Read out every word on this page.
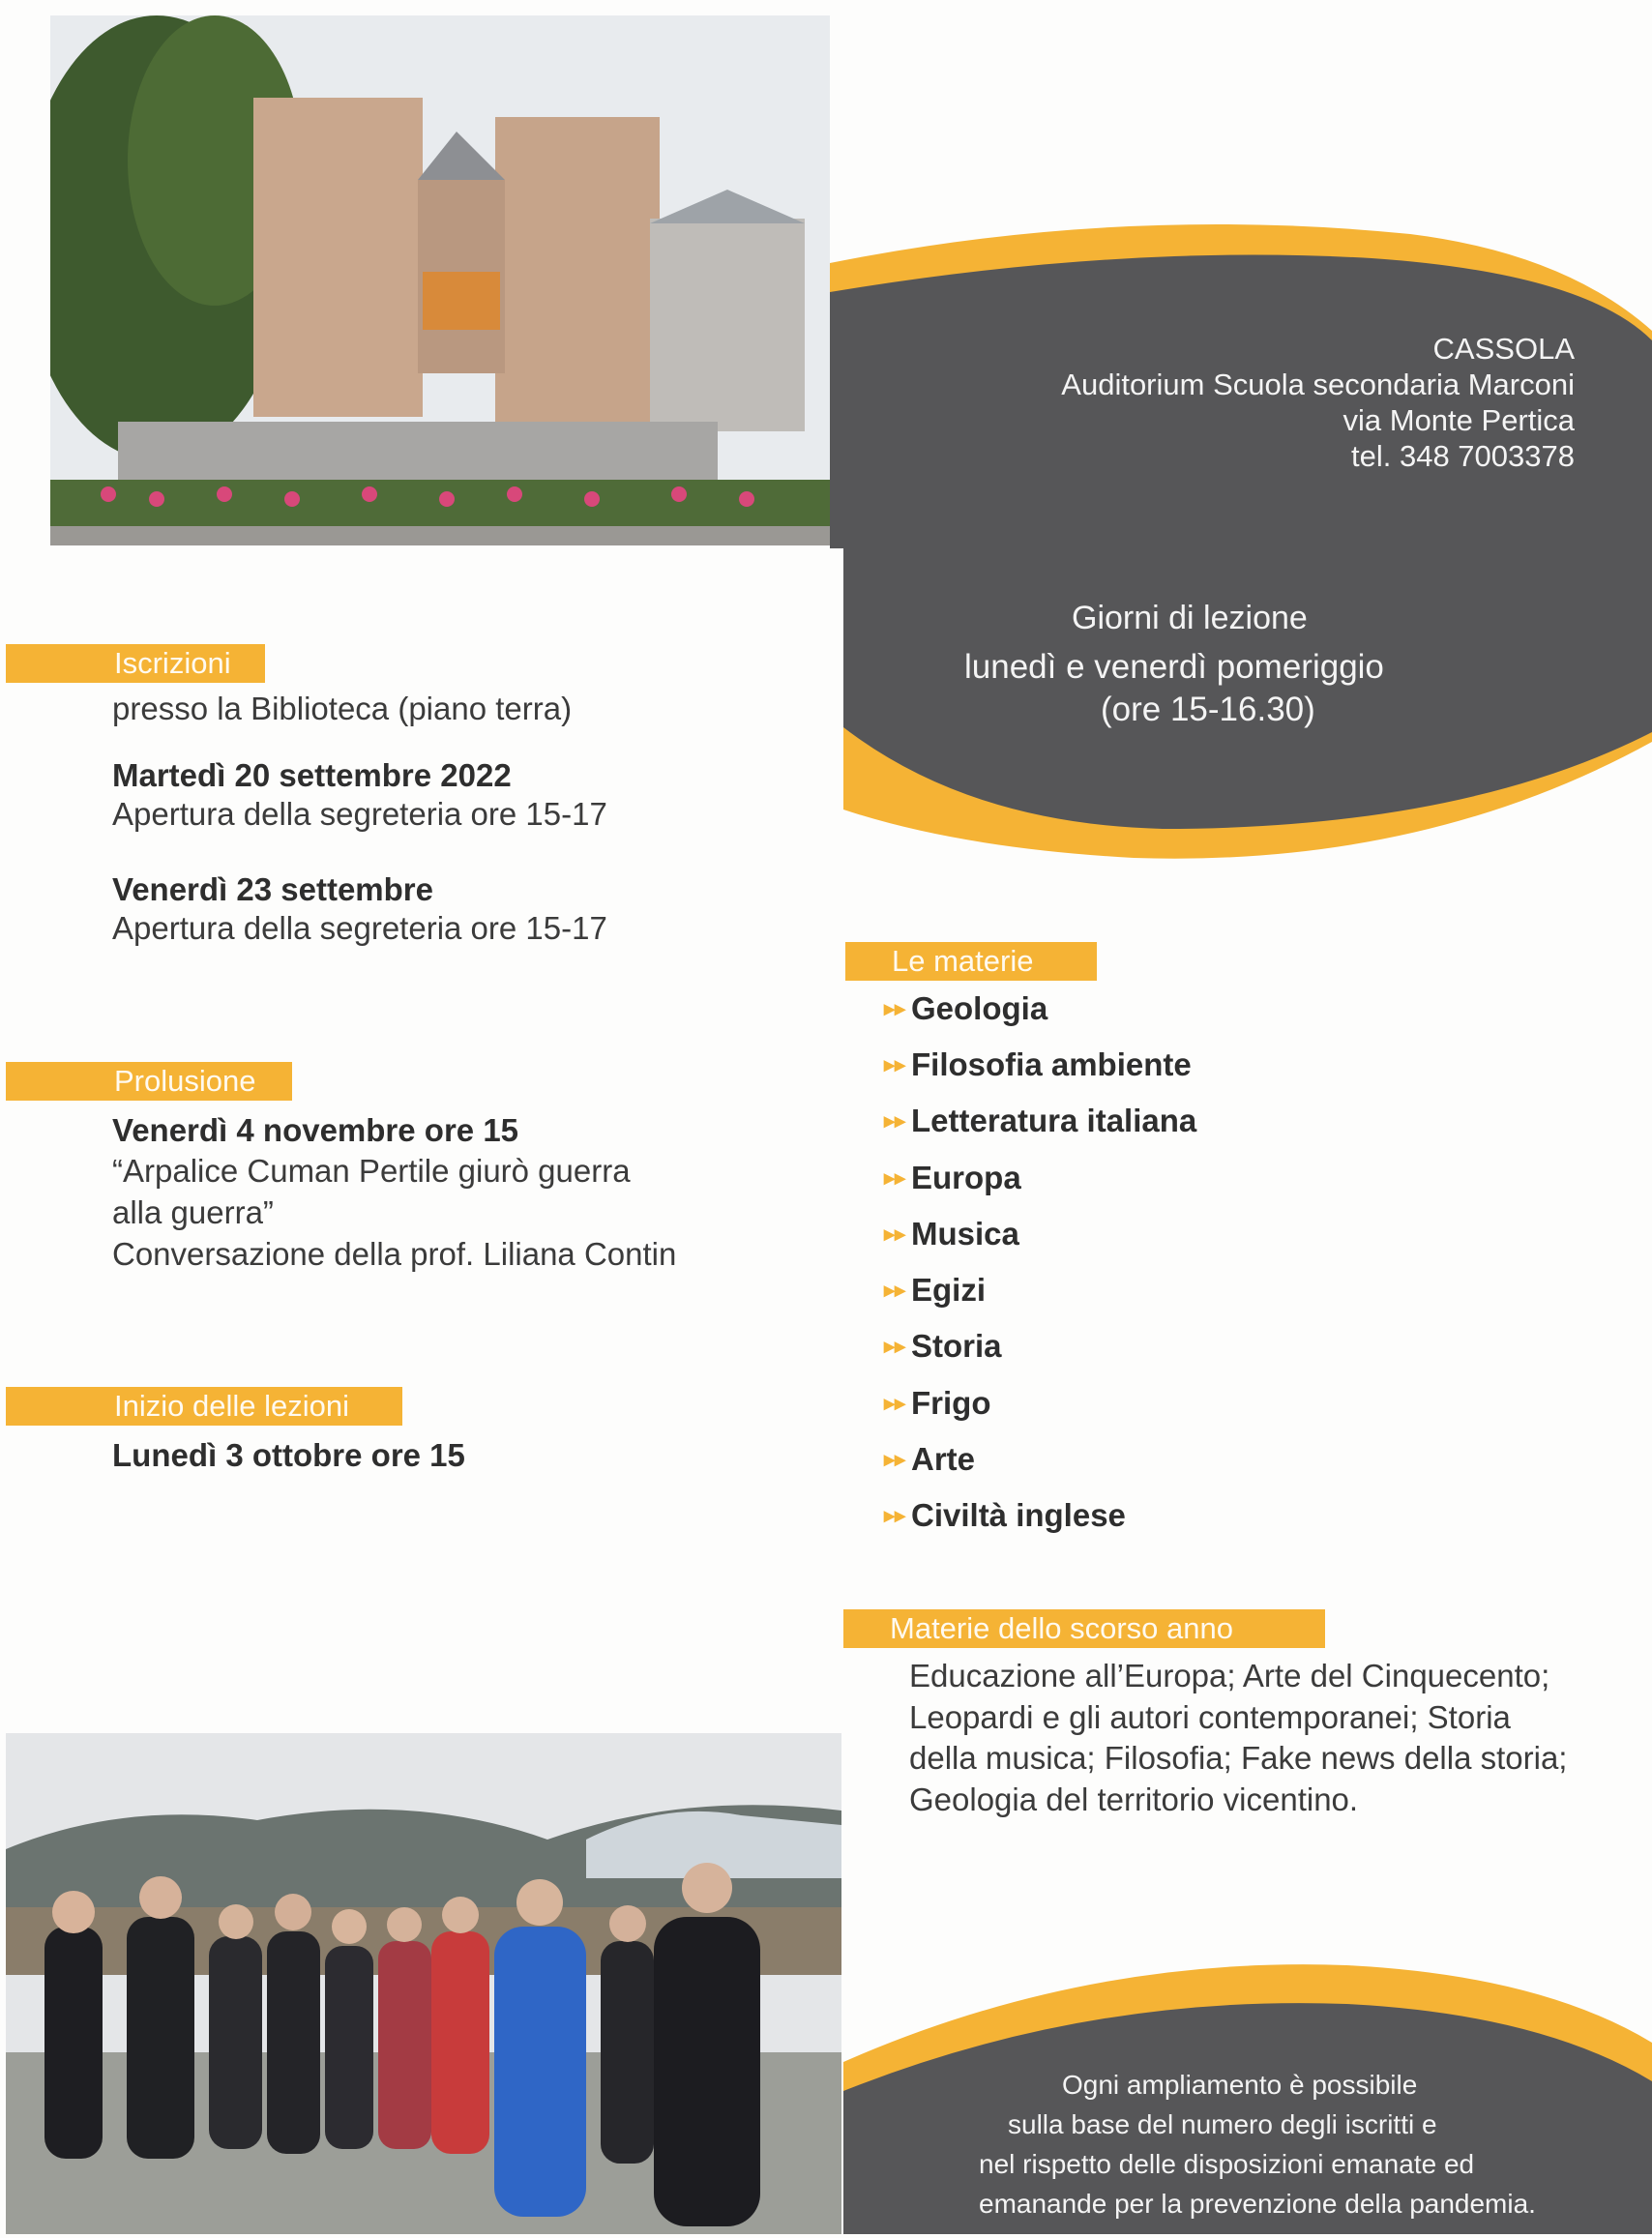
CASSOLA
Auditorium Scuola secondaria Marconi
via Monte Pertica
tel. 348 7003378
Giorni di lezione
lunedì e venerdì pomeriggio
(ore 15-16.30)
Iscrizioni
presso la Biblioteca (piano terra)
Martedì 20 settembre 2022
Apertura della segreteria ore 15-17
Venerdì 23 settembre
Apertura della segreteria ore 15-17
Prolusione
Venerdì 4 novembre ore 15
“Arpalice Cuman Pertile giurò guerra
alla guerra”
Conversazione della prof. Liliana Contin
Inizio delle lezioni
Lunedì 3 ottobre ore 15
Le materie
▸▸ Geologia
▸▸ Filosofia ambiente
▸▸ Letteratura italiana
▸▸ Europa
▸▸ Musica
▸▸ Egizi
▸▸ Storia
▸▸ Frigo
▸▸ Arte
▸▸ Civiltà inglese
Materie dello scorso anno
Educazione all’Europa; Arte del Cinquecento;
Leopardi e gli autori contemporanei; Storia
della musica; Filosofia; Fake news della storia;
Geologia del territorio vicentino.
Ogni ampliamento è possibile
sulla base del numero degli iscritti e
nel rispetto delle disposizioni emanate ed
emanande per la prevenzione della pandemia.
